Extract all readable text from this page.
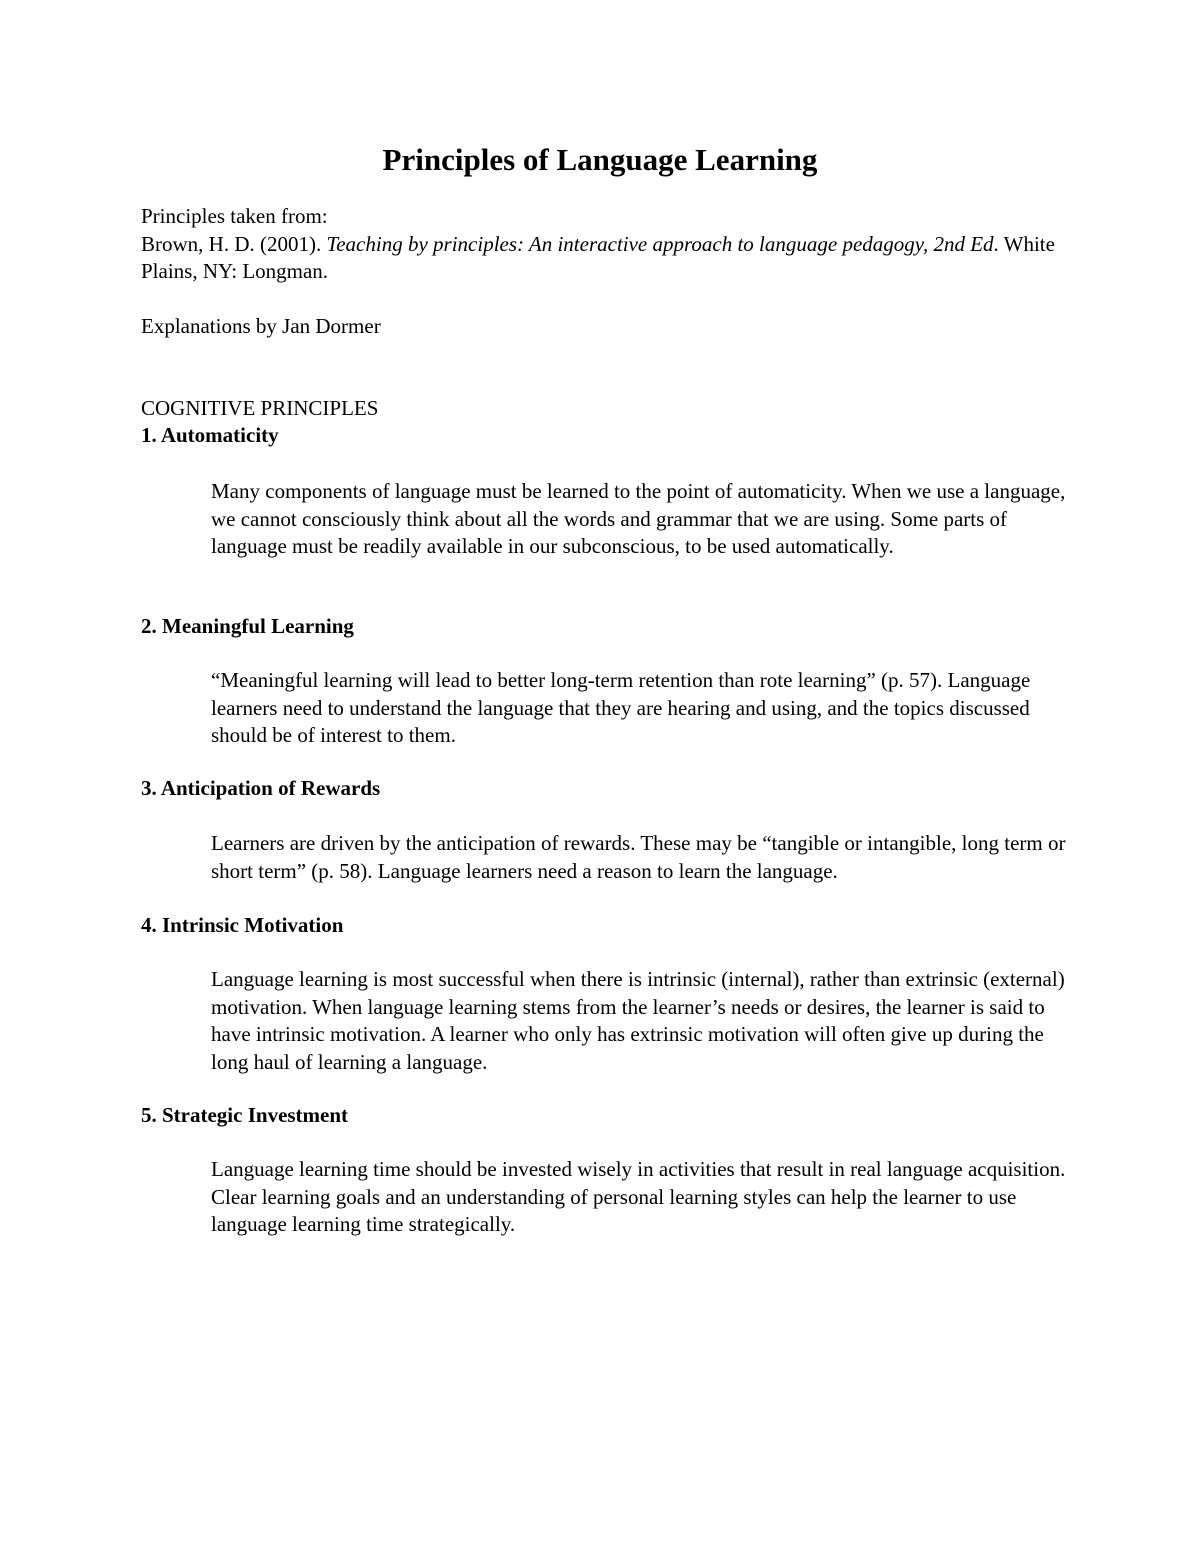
Principles of Language Learning

Principles taken from:

Brown, H. D. (2001). Teaching by principles: An interactive approach to language pedagogy, 2nd Ed. White Plains, NY: Longman.

Explanations by Jan Dormer

COGNITIVE PRINCIPLES

1. Automaticity
Many components of language must be learned to the point of automaticity. When we use a language, we cannot consciously think about all the words and grammar that we are using. Some parts of language must be readily available in our subconscious, to be used automatically.
2. Meaningful Learning
“Meaningful learning will lead to better long-term retention than rote learning” (p. 57). Language learners need to understand the language that they are hearing and using, and the topics discussed should be of interest to them.
3. Anticipation of Rewards
Learners are driven by the anticipation of rewards. These may be “tangible or intangible, long term or short term” (p. 58). Language learners need a reason to learn the language.
4. Intrinsic Motivation
Language learning is most successful when there is intrinsic (internal), rather than extrinsic (external) motivation. When language learning stems from the learner’s needs or desires, the learner is said to have intrinsic motivation. A learner who only has extrinsic motivation will often give up during the long haul of learning a language.
5. Strategic Investment
Language learning time should be invested wisely in activities that result in real language acquisition. Clear learning goals and an understanding of personal learning styles can help the learner to use language learning time strategically.
